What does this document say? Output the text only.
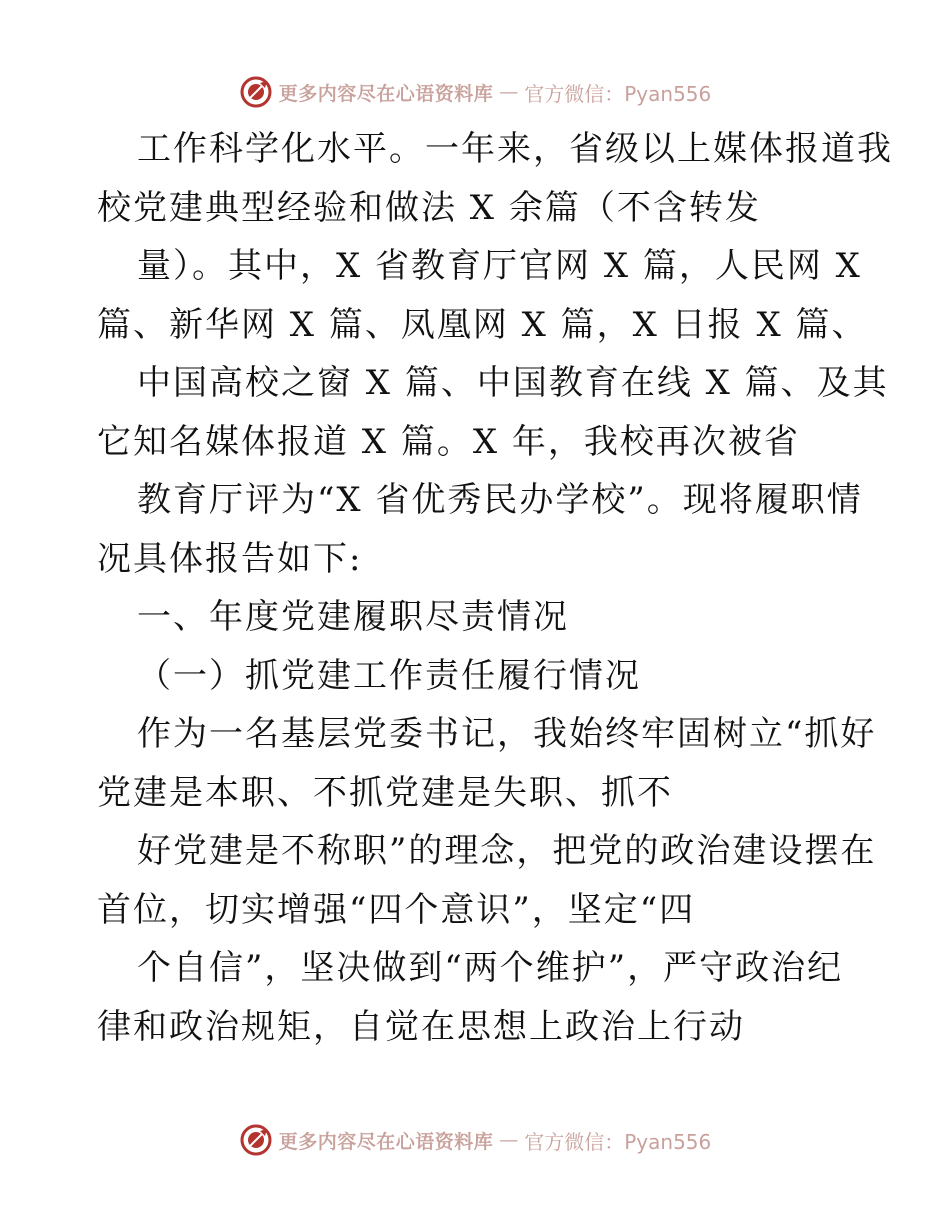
更多内容尽在心语资料库 — 官方微信：Pyan556
工作科学化水平。一年来，省级以上媒体报道我
校党建典型经验和做法 X 余篇（不含转发
量）。其中，X 省教育厅官网 X 篇，人民网 X
篇、新华网 X 篇、凤凰网 X 篇，X 日报 X 篇、
中国高校之窗 X 篇、中国教育在线 X 篇、及其
它知名媒体报道 X 篇。X 年，我校再次被省
教育厅评为“X 省优秀民办学校”。现将履职情
况具体报告如下:
一、年度党建履职尽责情况
（一）抓党建工作责任履行情况
作为一名基层党委书记，我始终牢固树立“抓好
党建是本职、不抓党建是失职、抓不
好党建是不称职”的理念，把党的政治建设摆在
首位，切实增强“四个意识”，坚定“四
个自信”，坚决做到“两个维护”，严守政治纪
律和政治规矩，自觉在思想上政治上行动
更多内容尽在心语资料库 — 官方微信：Pyan556
